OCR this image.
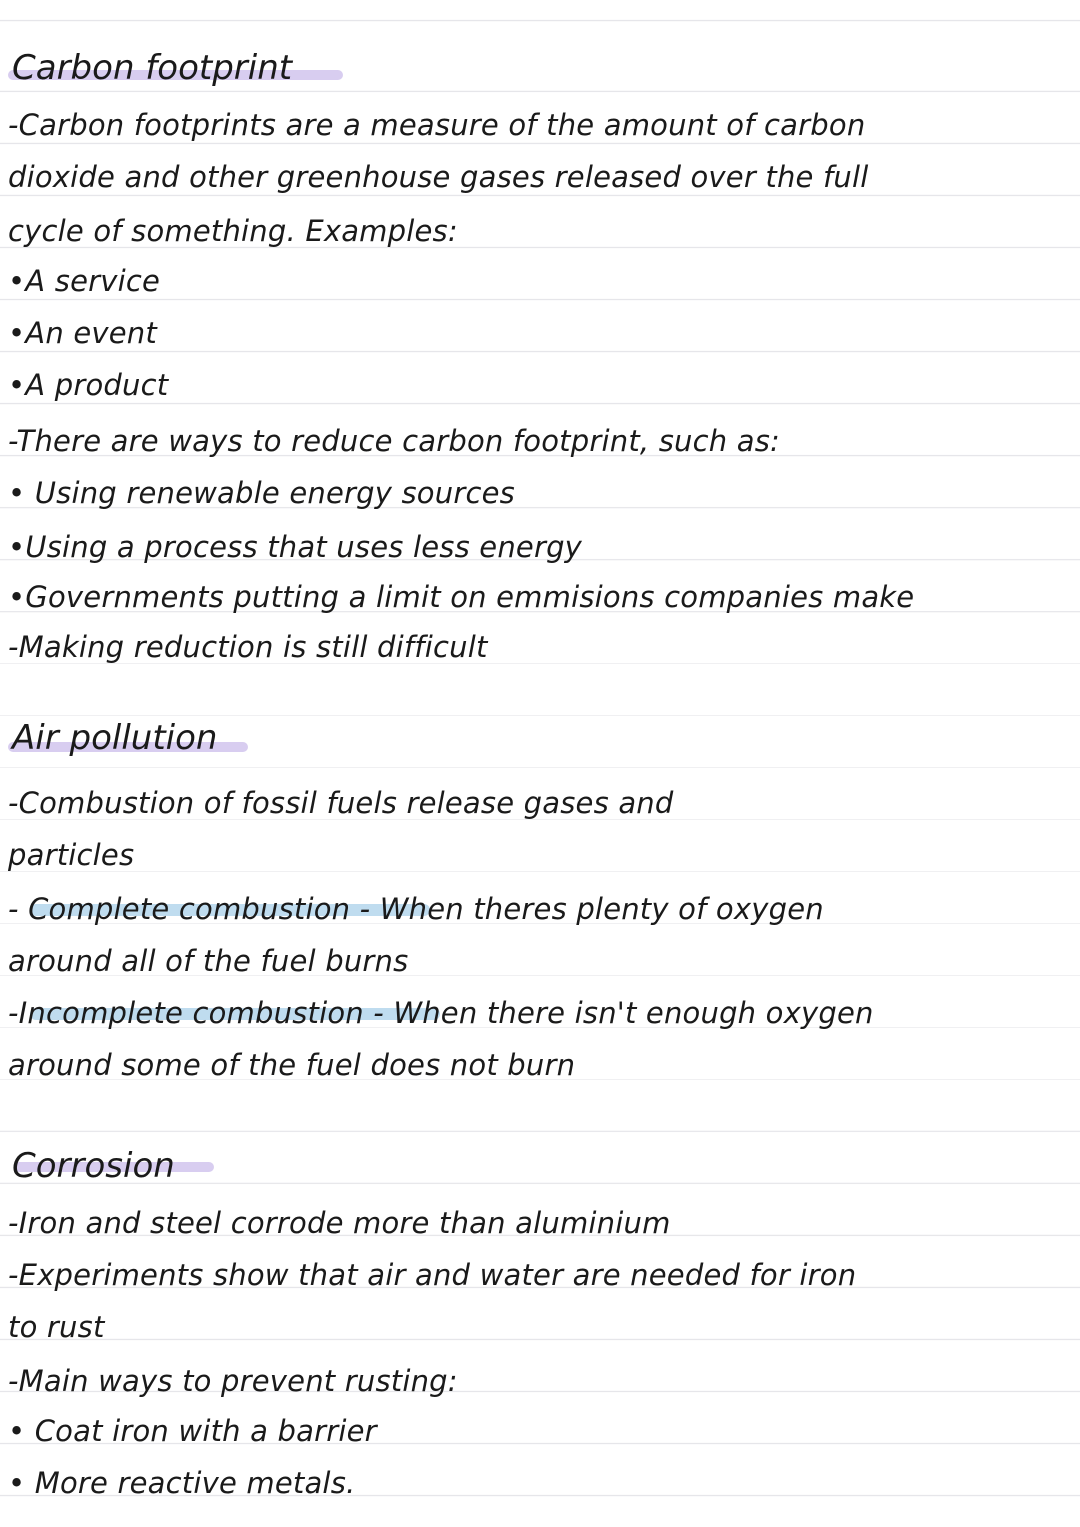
Carbon footprint
-Carbon footprints are a measure of the amount of carbon
dioxide and other greenhouse gases released over the full
cycle of something. Examples:
•A service
•An event
•A product
-There are ways to reduce carbon footprint, such as:
• Using renewable energy sources
•Using a process that uses less energy
•Governments putting a limit on emmisions companies make
-Making reduction is still difficult
Air pollution
-Combustion of fossil fuels release gases and
particles
- Complete combustion - When theres plenty of oxygen
around all of the fuel burns
-Incomplete combustion - When there isn't enough oxygen
around some of the fuel does not burn
Corrosion
-Iron and steel corrode more than aluminium
-Experiments show that air and water are needed for iron
to rust
-Main ways to prevent rusting:
• Coat iron with a barrier
• More reactive metals.
